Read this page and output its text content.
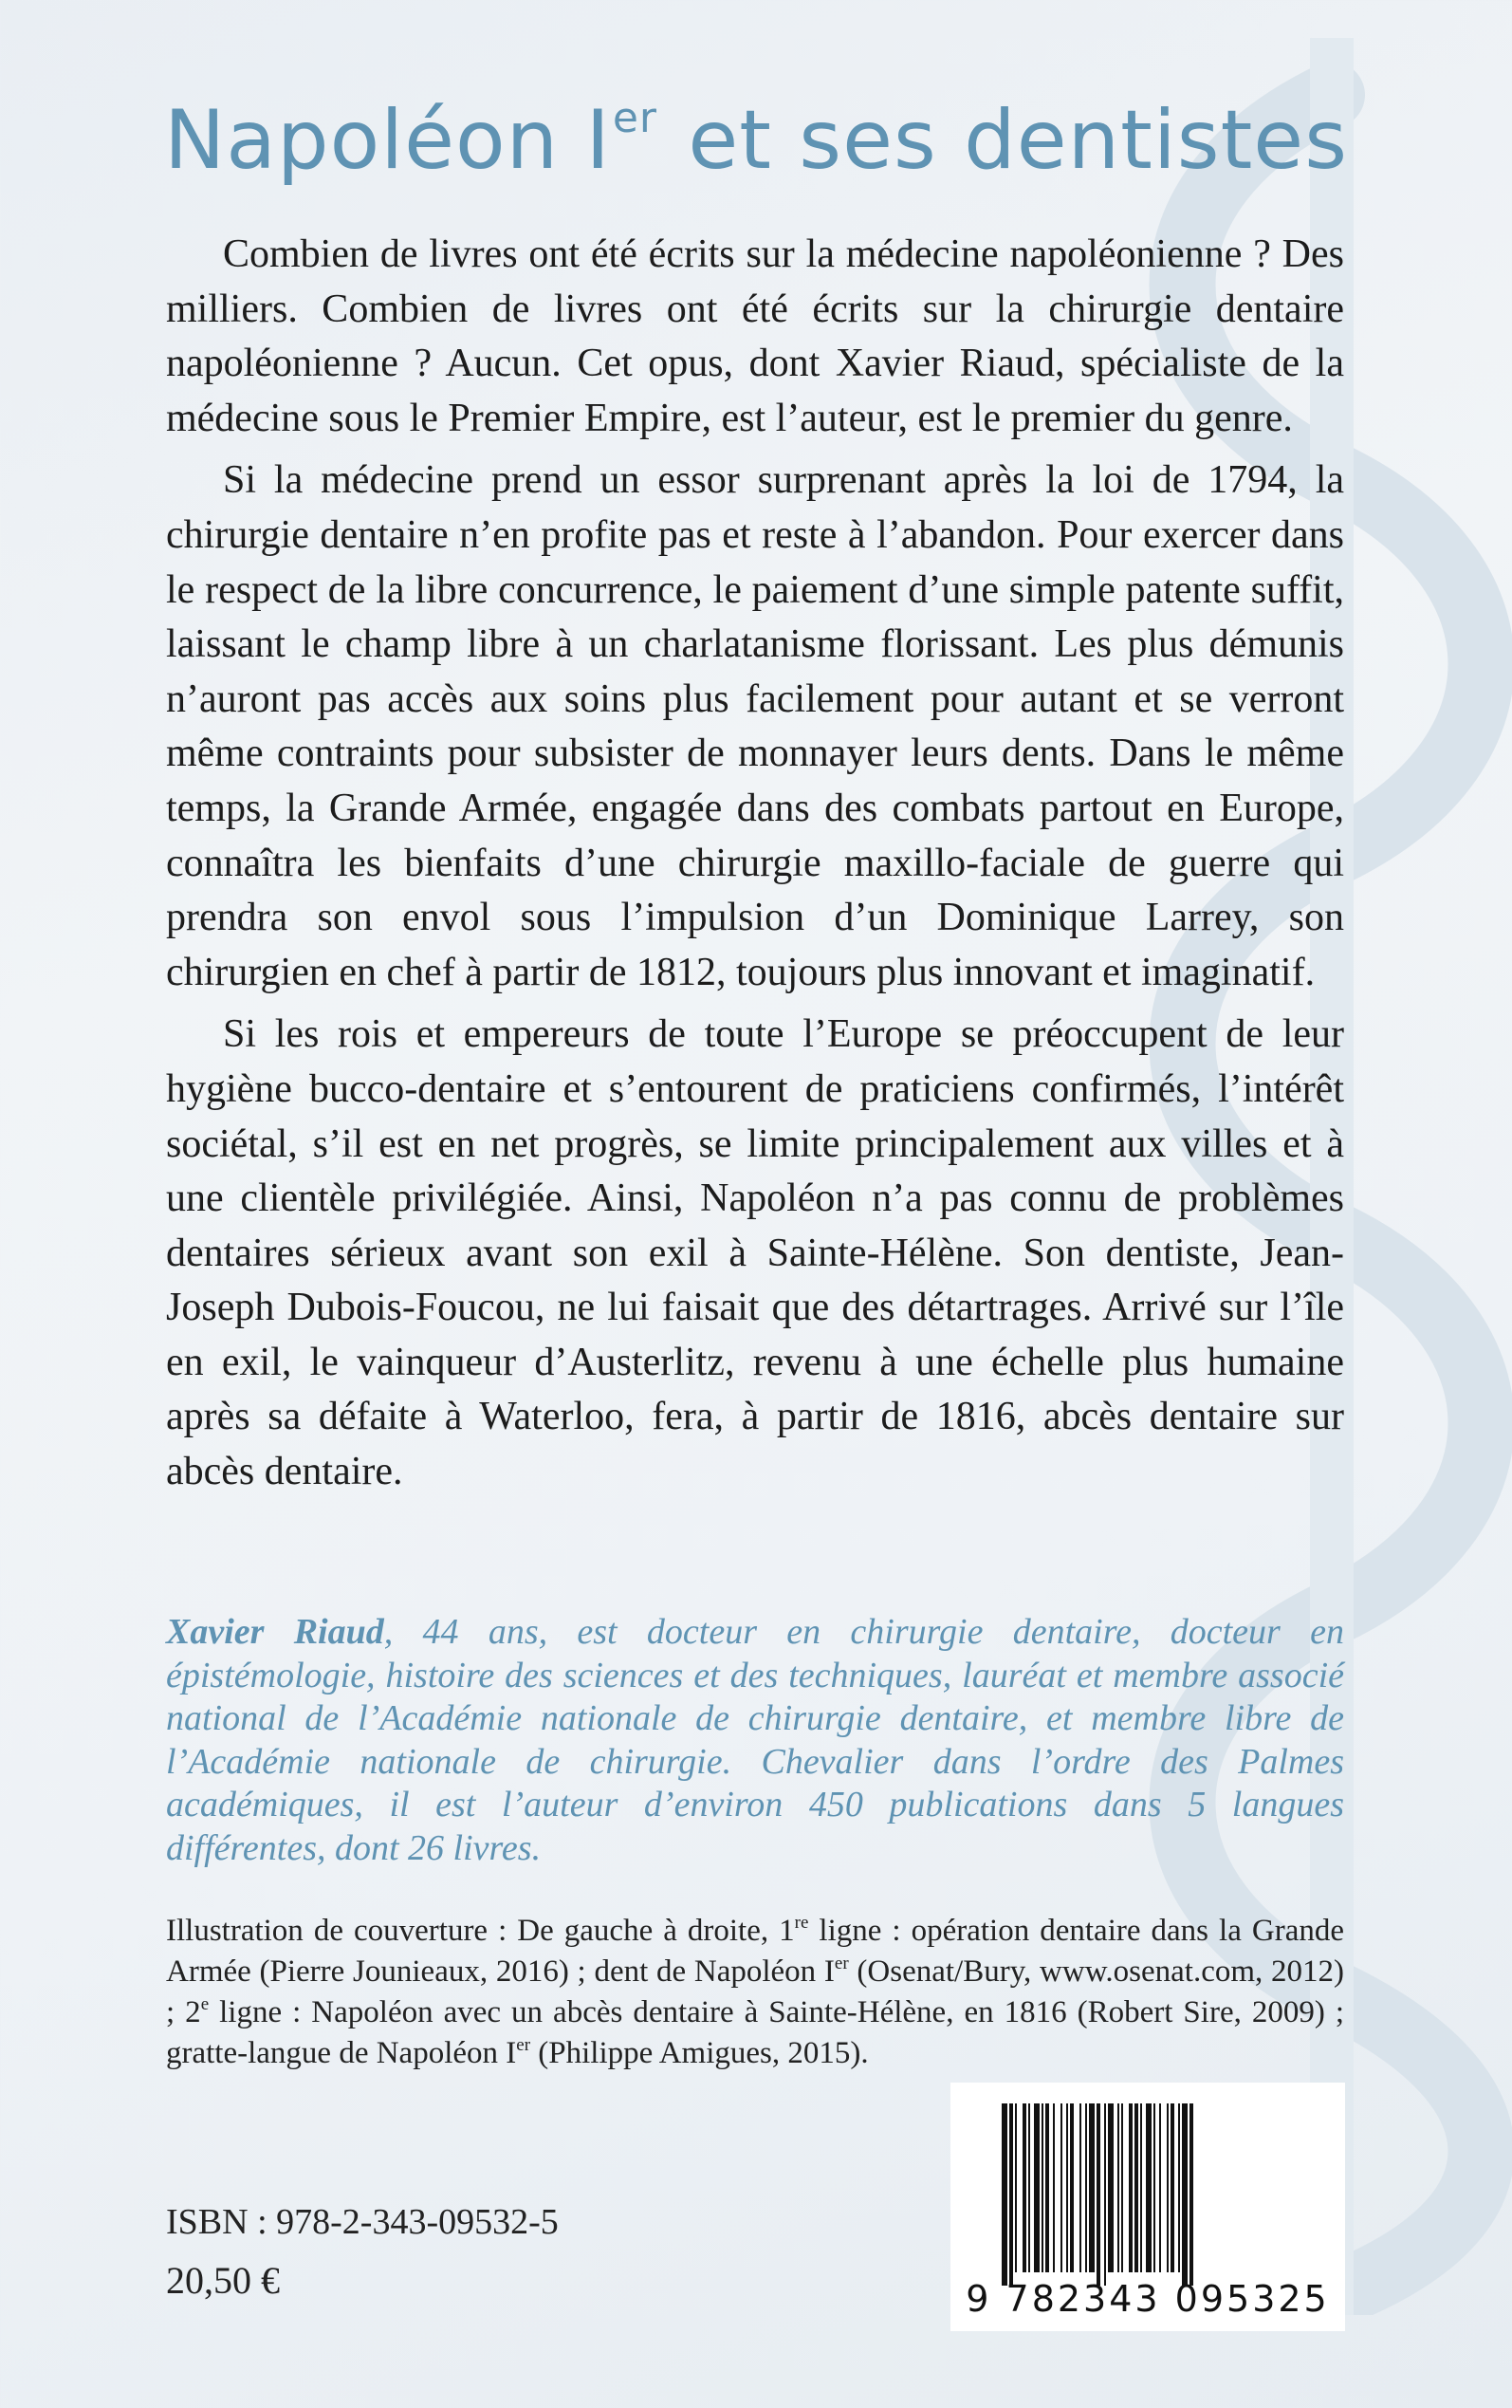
Napoléon Ier et ses dentistes

Combien de livres ont été écrits sur la médecine napoléonienne ? Des milliers. Combien de livres ont été écrits sur la chirurgie dentaire napoléonienne ? Aucun. Cet opus, dont Xavier Riaud, spécialiste de la médecine sous le Premier Empire, est l’auteur, est le premier du genre.

Si la médecine prend un essor surprenant après la loi de 1794, la chirurgie dentaire n’en profite pas et reste à l’abandon. Pour exercer dans le respect de la libre concurrence, le paiement d’une simple patente suffit, laissant le champ libre à un charlatanisme florissant. Les plus démunis n’auront pas accès aux soins plus facilement pour autant et se verront même contraints pour subsister de monnayer leurs dents. Dans le même temps, la Grande Armée, engagée dans des combats partout en Europe, connaîtra les bienfaits d’une chirurgie maxillo-faciale de guerre qui prendra son envol sous l’impulsion d’un Dominique Larrey, son chirurgien en chef à partir de 1812, toujours plus innovant et imaginatif.

Si les rois et empereurs de toute l’Europe se préoccupent de leur hygiène bucco-dentaire et s’entourent de praticiens confirmés, l’intérêt sociétal, s’il est en net progrès, se limite principalement aux villes et à une clientèle privilégiée. Ainsi, Napoléon n’a pas connu de problèmes dentaires sérieux avant son exil à Sainte-Hélène. Son dentiste, Jean-Joseph Dubois-Foucou, ne lui faisait que des détartrages. Arrivé sur l’île en exil, le vainqueur d’Austerlitz, revenu à une échelle plus humaine après sa défaite à Waterloo, fera, à partir de 1816, abcès dentaire sur abcès dentaire.

Xavier Riaud, 44 ans, est docteur en chirurgie dentaire, docteur en épistémologie, histoire des sciences et des techniques, lauréat et membre associé national de l’Académie nationale de chirurgie dentaire, et membre libre de l’Académie nationale de chirurgie. Chevalier dans l’ordre des Palmes académiques, il est l’auteur d’environ 450 publications dans 5 langues différentes, dont 26 livres.

Illustration de couverture : De gauche à droite, 1re ligne : opération dentaire dans la Grande Armée (Pierre Jounieaux, 2016) ; dent de Napoléon Ier (Osenat/Bury, www.osenat.com, 2012) ; 2e ligne : Napoléon avec un abcès dentaire à Sainte-Hélène, en 1816 (Robert Sire, 2009) ; gratte-langue de Napoléon Ier (Philippe Amigues, 2015).

9 782343 095325
ISBN : 978-2-343-09532-5
20,50 €
